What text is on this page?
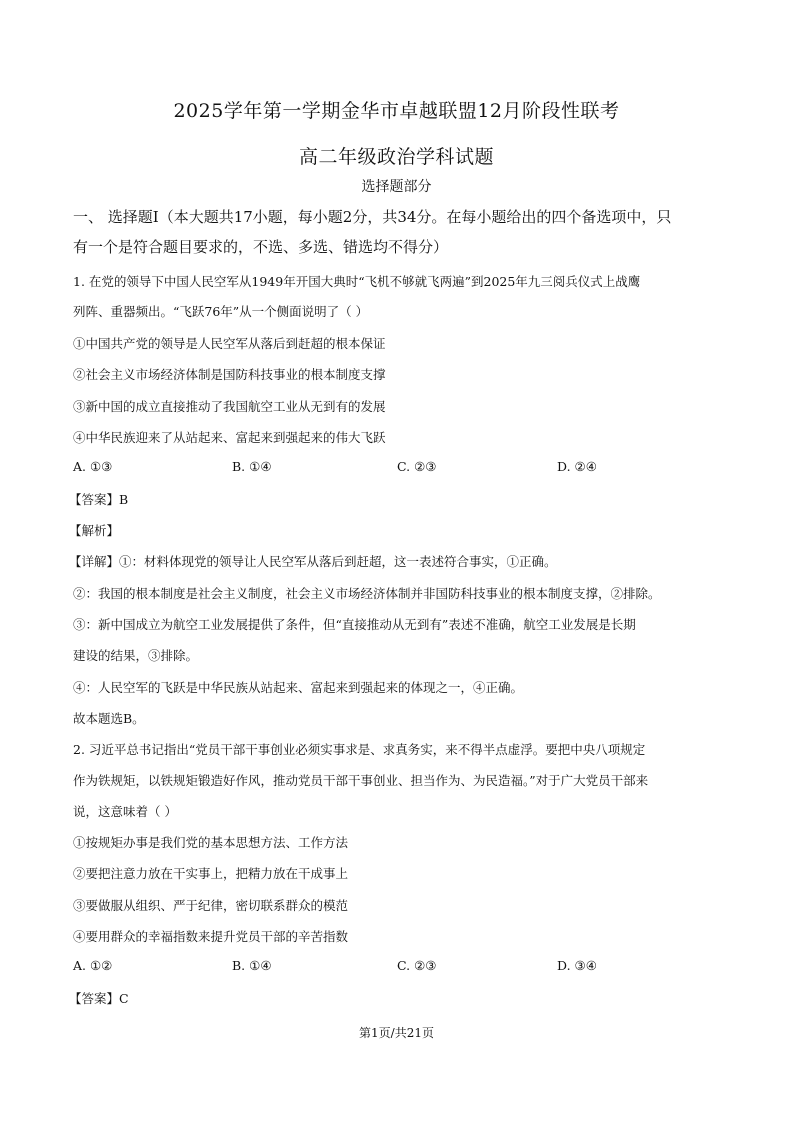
2025学年第一学期金华市卓越联盟12月阶段性联考
高二年级政治学科试题
选择题部分
一、 选择题Ⅰ（本大题共17小题，每小题2分，共34分。在每小题给出的四个备选项中，只
有一个是符合题目要求的，不选、多选、错选均不得分）
1. 在党的领导下中国人民空军从1949年开国大典时“飞机不够就飞两遍”到2025年九三阅兵仪式上战鹰
列阵、重器频出。“飞跃76年”从一个侧面说明了（ ）
①中国共产党的领导是人民空军从落后到赶超的根本保证
②社会主义市场经济体制是国防科技事业的根本制度支撑
③新中国的成立直接推动了我国航空工业从无到有的发展
④中华民族迎来了从站起来、富起来到强起来的伟大飞跃
A. ①③	B. ①④	C. ②③	D. ②④
【答案】B
【解析】
【详解】①：材料体现党的领导让人民空军从落后到赶超，这一表述符合事实，①正确。
②：我国的根本制度是社会主义制度，社会主义市场经济体制并非国防科技事业的根本制度支撑，②排除。
③：新中国成立为航空工业发展提供了条件，但“直接推动从无到有”表述不准确，航空工业发展是长期
建设的结果，③排除。
④：人民空军的飞跃是中华民族从站起来、富起来到强起来的体现之一，④正确。
故本题选B。
2. 习近平总书记指出“党员干部干事创业必须实事求是、求真务实，来不得半点虚浮。要把中央八项规定
作为铁规矩，以铁规矩锻造好作风，推动党员干部干事创业、担当作为、为民造福。”对于广大党员干部来
说，这意味着（ ）
①按规矩办事是我们党的基本思想方法、工作方法
②要把注意力放在干实事上，把精力放在干成事上
③要做服从组织、严于纪律，密切联系群众的模范
④要用群众的幸福指数来提升党员干部的辛苦指数
A. ①②	B. ①④	C. ②③	D. ③④
【答案】C
第1页/共21页
